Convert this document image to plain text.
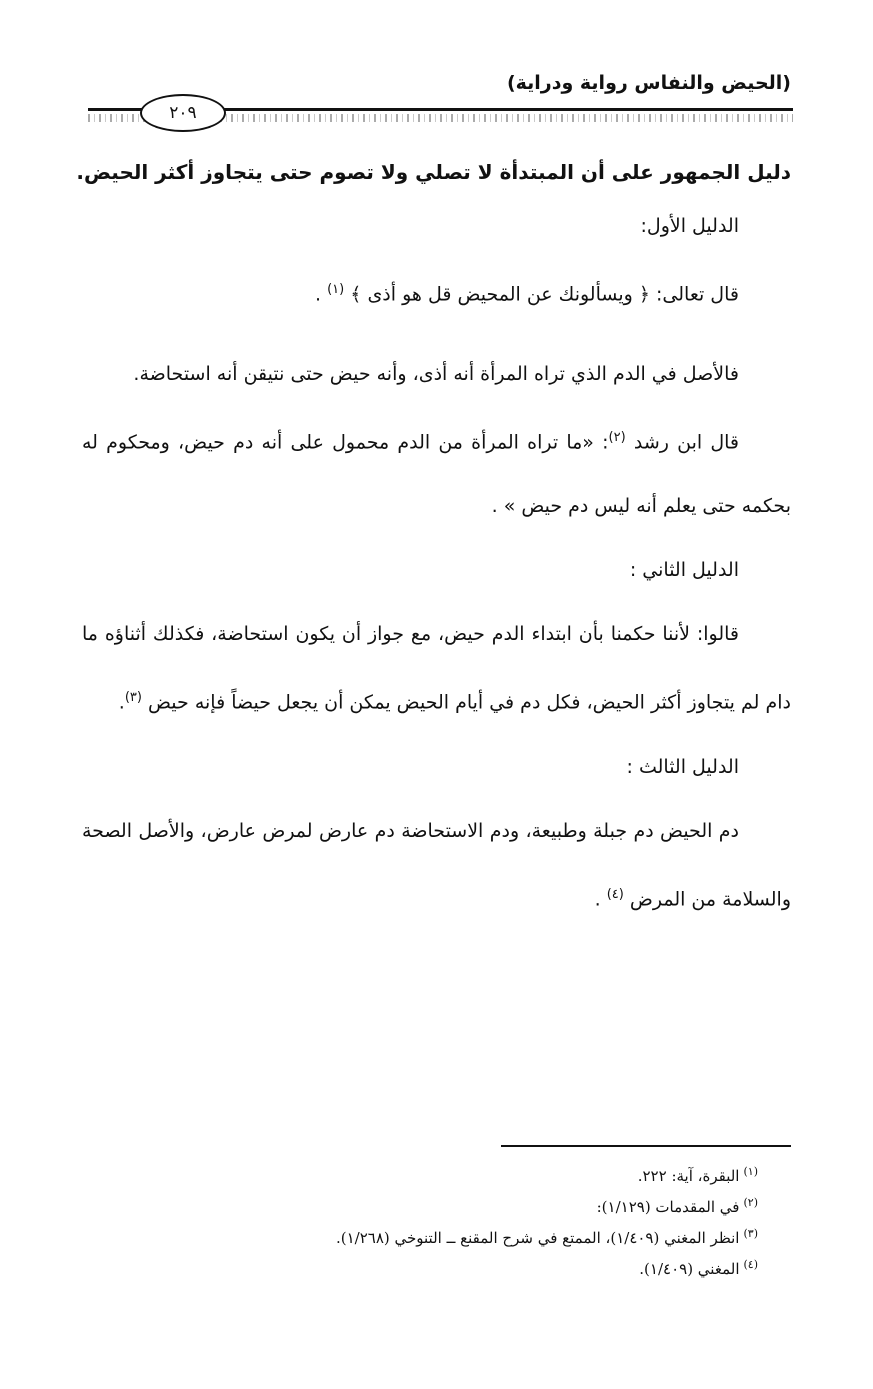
(الحيض والنفاس رواية ودراية)
٢٠٩

دليل الجمهور على أن المبتدأة لا تصلي ولا تصوم حتى يتجاوز أكثر الحيض.

الدليل الأول:

قال تعالى: ﴿ ويسألونك عن المحيض قل هو أذى ﴾ $^{(١)}$ .

فالأصل في الدم الذي تراه المرأة أنه أذى، وأنه حيض حتى نتيقن أنه استحاضة.

قال ابن رشد $^{(٢)}$: «ما تراه المرأة من الدم محمول على أنه دم حيض، ومحكوم له بحكمه حتى يعلم أنه ليس دم حيض » .

الدليل الثاني :

قالوا: لأننا حكمنا بأن ابتداء الدم حيض، مع جواز أن يكون استحاضة، فكذلك أثناؤه ما دام لم يتجاوز أكثر الحيض، فكل دم في أيام الحيض يمكن أن يجعل حيضاً فإنه حيض $^{(٣)}$.

الدليل الثالث :

دم الحيض دم جبلة وطبيعة، ودم الاستحاضة دم عارض لمرض عارض، والأصل الصحة والسلامة من المرض $^{(٤)}$ .

$^{(١)}$البقرة، آية: ٢٢٢.

$^{(٢)}$في المقدمات (١/١٢٩):

$^{(٣)}$انظر المغني (١/٤٠٩)، الممتع في شرح المقنع ــ التنوخي (١/٢٦٨).

$^{(٤)}$المغني (١/٤٠٩).
